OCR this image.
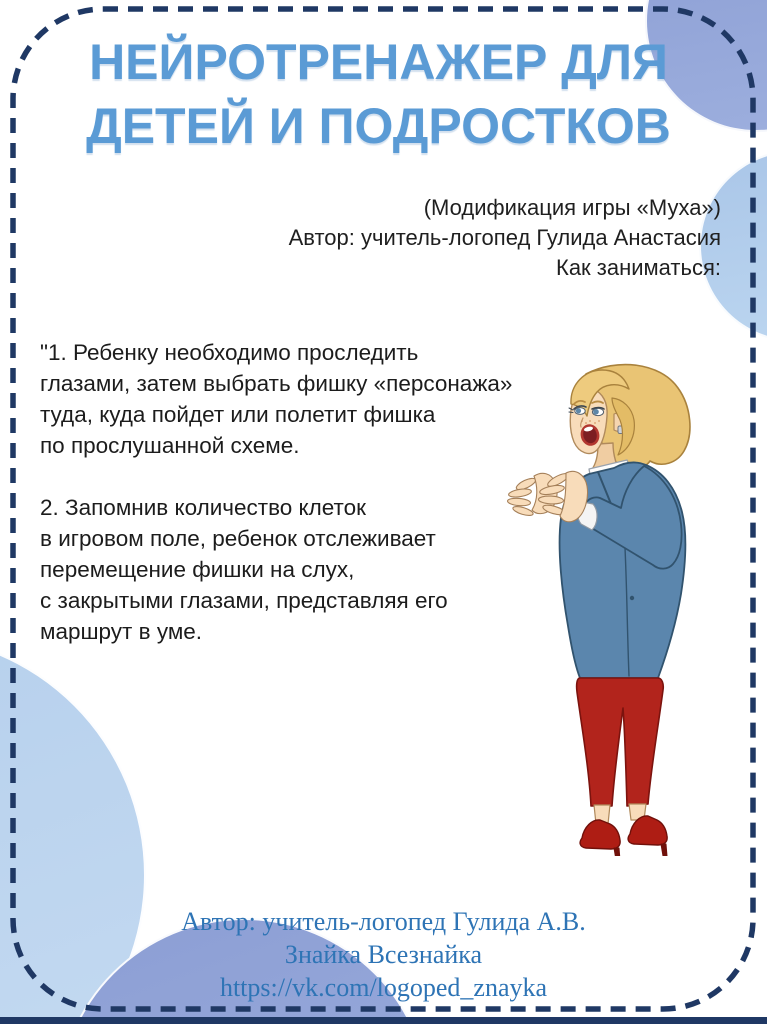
НЕЙРОТРЕНАЖЕР ДЛЯ
ДЕТЕЙ И ПОДРОСТКОВ
(Модификация игры «Муха»)
Автор: учитель-логопед Гулида Анастасия
Как заниматься:
"1. Ребенку необходимо проследить
глазами, затем выбрать фишку «персонажа»
туда, куда пойдет или полетит фишка
по прослушанной схеме.
2. Запомнив количество клеток
в игровом поле, ребенок отслеживает
перемещение фишки на слух,
с закрытыми глазами, представляя его
маршрут в уме.
Автор: учитель-логопед Гулида А.В.
Знайка Всезнайка
https://vk.com/logoped_znayka
